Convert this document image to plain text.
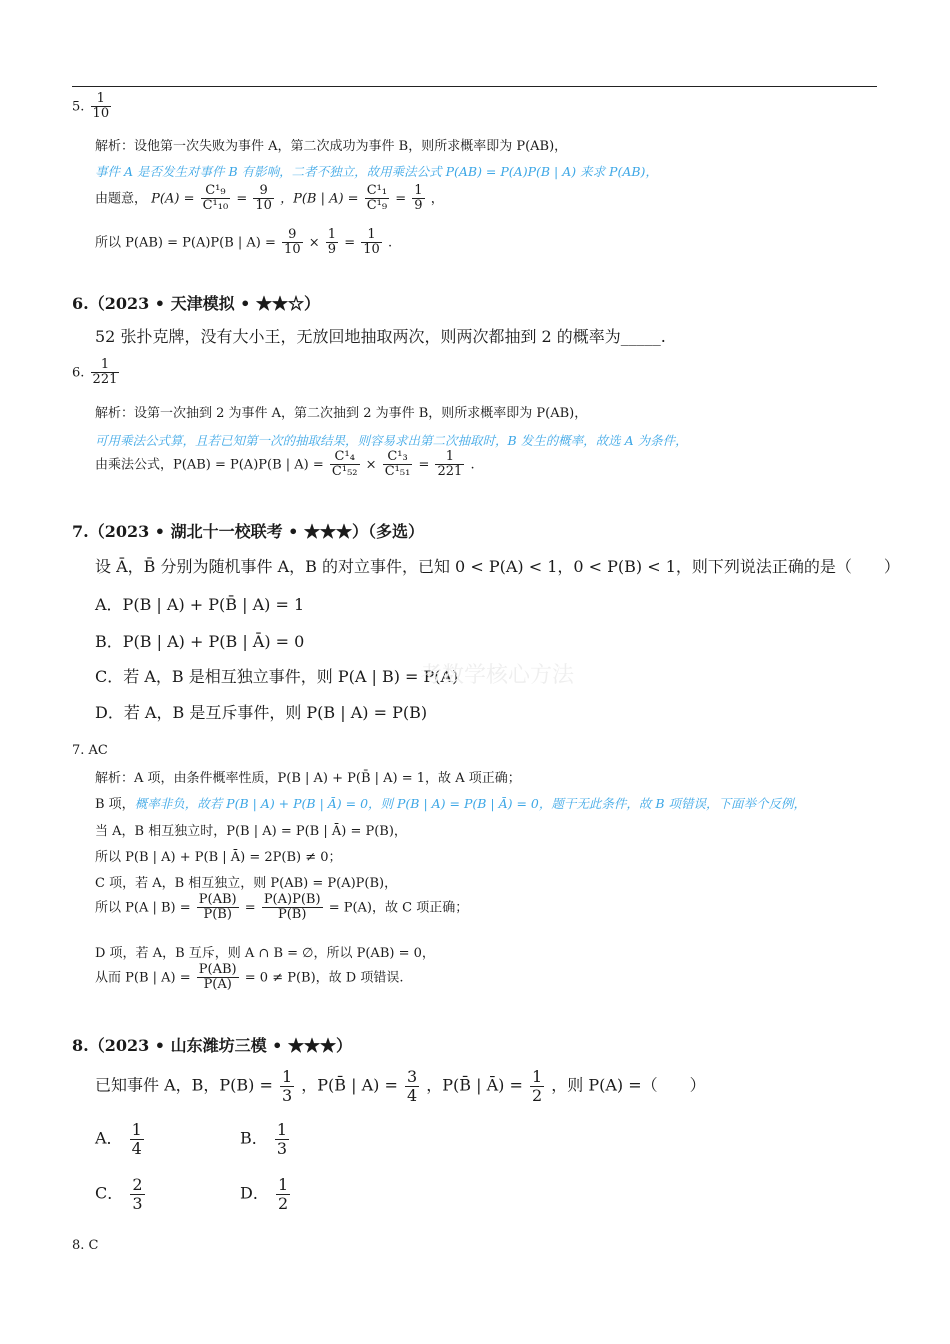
5. $\frac{1}{10}$
解析：设他第一次失败为事件 A，第二次成功为事件 B，则所求概率即为 P(AB)，
事件 A 是否发生对事件 B 有影响，二者不独立，故用乘法公式 P(AB) = P(A)P(B | A) 来求 P(AB)，
由题意， $P(A) = \frac{\text{C¹₉}}{\text{C¹₁₀}} = \frac{9}{10}$ ，P(B | $A) = \frac{\text{C¹₁}}{\text{C¹₉}} = \frac{1}{9}$ ，
所以 P(AB) = P(A)P(B | $A) = \frac{9}{10} \times \frac{1}{9} = \frac{1}{10}$ .
6.（2023 • 天津模拟 • ★★☆）
52 张扑克牌，没有大小王，无放回地抽取两次，则两次都抽到 2 的概率为_____.
6. $\frac{1}{221}$
解析：设第一次抽到 2 为事件 A，第二次抽到 2 为事件 B，则所求概率即为 P(AB)，
可用乘法公式算，且若已知第一次的抽取结果，则容易求出第二次抽取时，B 发生的概率，故选 A 为条件，
由乘法公式，P(AB) = P(A)P(B | $A) = \frac{\text{C¹₄}}{\text{C¹₅₂}} \times \frac{\text{C¹₃}}{\text{C¹₅₁}} = \frac{1}{221}$ .
7.（2023 • 湖北十一校联考 • ★★★）（多选）
设 Ā，B̄ 分别为随机事件 A，B 的对立事件，已知 0 < P(A) < 1，0 < P(B) < 1，则下列说法正确的是（　　）
A．P(B | A) + P(B̄ | A) = 1
B．P(B | A) + P(B | Ā) = 0
C．若 A，B 是相互独立事件，则 P(A | B) = P(A)
D．若 A，B 是互斥事件，则 P(B | A) = P(B)
考数学核心方法
7. AC
解析：A 项，由条件概率性质，P(B | A) + P(B̄ | A) = 1，故 A 项正确；
B 项，概率非负，故若 P(B | A) + P(B | Ā) = 0，则 P(B | A) = P(B | Ā) = 0，题干无此条件，故 B 项错误，下面举个反例，
当 A，B 相互独立时，P(B | A) = P(B | Ā) = P(B)，
所以 P(B | A) + P(B | Ā) = 2P(B) ≠ 0；
C 项，若 A，B 相互独立，则 P(AB) = P(A)P(B)，
所以 P(A | $B) = \frac{P(AB)}{P(B)} = \frac{P(A)P(B)}{P(B)} = P(A)$，故 C 项正确；
D 项，若 A，B 互斥，则 A ∩ B = ∅，所以 P(AB) = 0，
从而 P(B | $A) = \frac{P(AB)}{P(A)} = 0 \ne P(B)$，故 D 项错误.
8.（2023 • 山东潍坊三模 • ★★★）
已知事件 A，B，$P(B) = \frac{1}{3}$ ，P(B̄ | $A) = \frac{3}{4}$ ，P(B̄ | Ā) = $\frac{1}{2}$ ，则 P(A) =（　　）
A． $\frac{1}{4}$	B． $\frac{1}{3}$
C． $\frac{2}{3}$	D． $\frac{1}{2}$
8. C
